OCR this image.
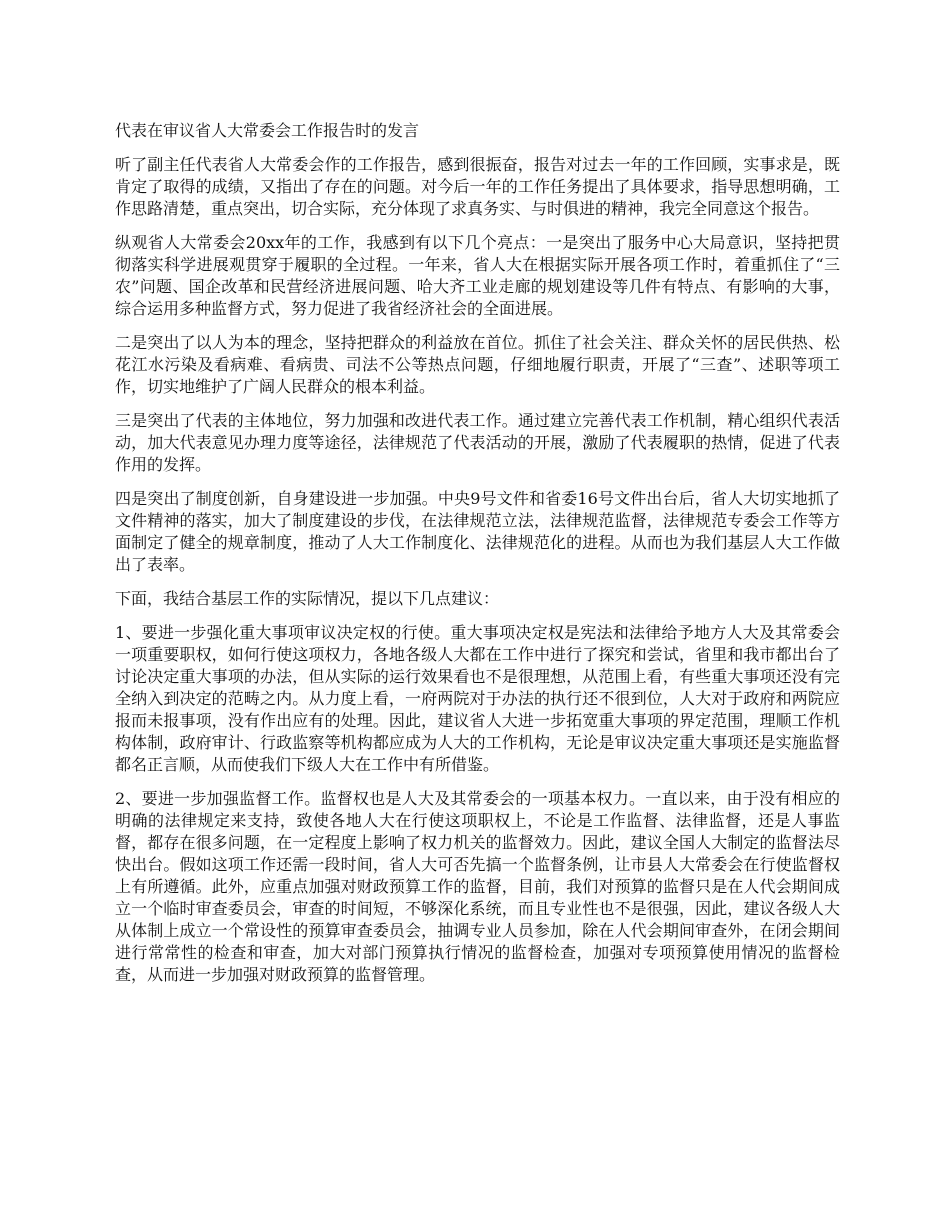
代表在审议省人大常委会工作报告时的发言

听了副主任代表省人大常委会作的工作报告，感到很振奋，报告对过去一年的工作回顾，实事求是，既肯定了取得的成绩，又指出了存在的问题。对今后一年的工作任务提出了具体要求，指导思想明确，工作思路清楚，重点突出，切合实际，充分体现了求真务实、与时俱进的精神，我完全同意这个报告。

纵观省人大常委会20xx年的工作，我感到有以下几个亮点：一是突出了服务中心大局意识，坚持把贯彻落实科学进展观贯穿于履职的全过程。一年来，省人大在根据实际开展各项工作时，着重抓住了“三农”问题、国企改革和民营经济进展问题、哈大齐工业走廊的规划建设等几件有特点、有影响的大事，综合运用多种监督方式，努力促进了我省经济社会的全面进展。

二是突出了以人为本的理念，坚持把群众的利益放在首位。抓住了社会关注、群众关怀的居民供热、松花江水污染及看病难、看病贵、司法不公等热点问题，仔细地履行职责，开展了“三查”、述职等项工作，切实地维护了广阔人民群众的根本利益。

三是突出了代表的主体地位，努力加强和改进代表工作。通过建立完善代表工作机制，精心组织代表活动，加大代表意见办理力度等途径，法律规范了代表活动的开展，激励了代表履职的热情，促进了代表作用的发挥。

四是突出了制度创新，自身建设进一步加强。中央9号文件和省委16号文件出台后，省人大切实地抓了文件精神的落实，加大了制度建设的步伐，在法律规范立法，法律规范监督，法律规范专委会工作等方面制定了健全的规章制度，推动了人大工作制度化、法律规范化的进程。从而也为我们基层人大工作做出了表率。

下面，我结合基层工作的实际情况，提以下几点建议：

1、要进一步强化重大事项审议决定权的行使。重大事项决定权是宪法和法律给予地方人大及其常委会一项重要职权，如何行使这项权力，各地各级人大都在工作中进行了探究和尝试，省里和我市都出台了讨论决定重大事项的办法，但从实际的运行效果看也不是很理想，从范围上看，有些重大事项还没有完全纳入到决定的范畴之内。从力度上看，一府两院对于办法的执行还不很到位，人大对于政府和两院应报而未报事项，没有作出应有的处理。因此，建议省人大进一步拓宽重大事项的界定范围，理顺工作机构体制，政府审计、行政监察等机构都应成为人大的工作机构，无论是审议决定重大事项还是实施监督都名正言顺，从而使我们下级人大在工作中有所借鉴。

2、要进一步加强监督工作。监督权也是人大及其常委会的一项基本权力。一直以来，由于没有相应的明确的法律规定来支持，致使各地人大在行使这项职权上，不论是工作监督、法律监督，还是人事监督，都存在很多问题，在一定程度上影响了权力机关的监督效力。因此，建议全国人大制定的监督法尽快出台。假如这项工作还需一段时间，省人大可否先搞一个监督条例，让市县人大常委会在行使监督权上有所遵循。此外，应重点加强对财政预算工作的监督，目前，我们对预算的监督只是在人代会期间成立一个临时审查委员会，审查的时间短，不够深化系统，而且专业性也不是很强，因此，建议各级人大从体制上成立一个常设性的预算审查委员会，抽调专业人员参加，除在人代会期间审查外，在闭会期间进行常常性的检查和审查，加大对部门预算执行情况的监督检查，加强对专项预算使用情况的监督检查，从而进一步加强对财政预算的监督管理。
